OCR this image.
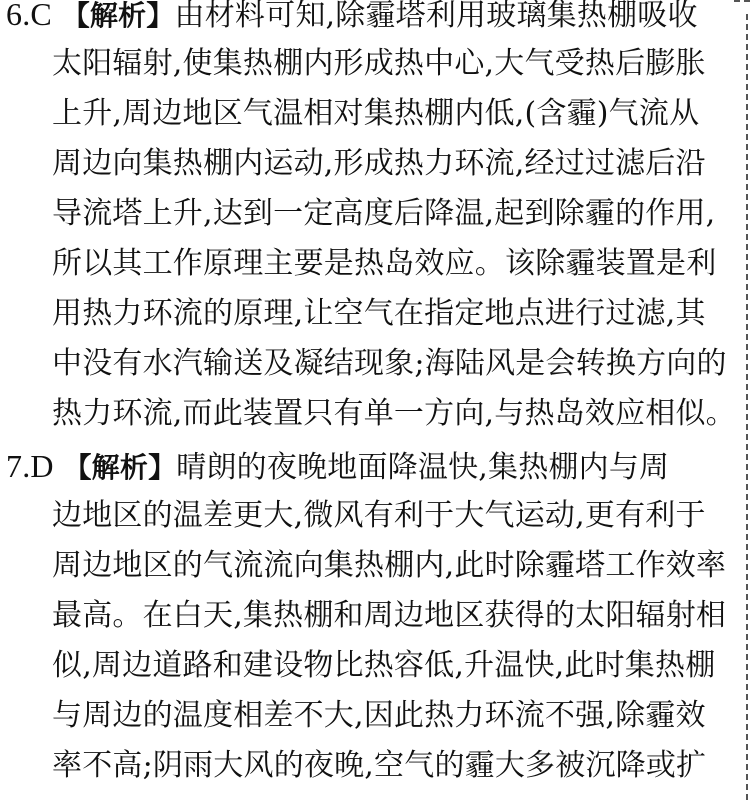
6.C 【解析】由材料可知,除霾塔利用玻璃集热棚吸收
太阳辐射,使集热棚内形成热中心,大气受热后膨胀
上升,周边地区气温相对集热棚内低,(含霾)气流从
周边向集热棚内运动,形成热力环流,经过过滤后沿
导流塔上升,达到一定高度后降温,起到除霾的作用,
所以其工作原理主要是热岛效应。该除霾装置是利
用热力环流的原理,让空气在指定地点进行过滤,其
中没有水汽输送及凝结现象;海陆风是会转换方向的
热力环流,而此装置只有单一方向,与热岛效应相似。
7.D 【解析】晴朗的夜晚地面降温快,集热棚内与周
边地区的温差更大,微风有利于大气运动,更有利于
周边地区的气流流向集热棚内,此时除霾塔工作效率
最高。在白天,集热棚和周边地区获得的太阳辐射相
似,周边道路和建设物比热容低,升温快,此时集热棚
与周边的温度相差不大,因此热力环流不强,除霾效
率不高;阴雨大风的夜晚,空气的霾大多被沉降或扩
